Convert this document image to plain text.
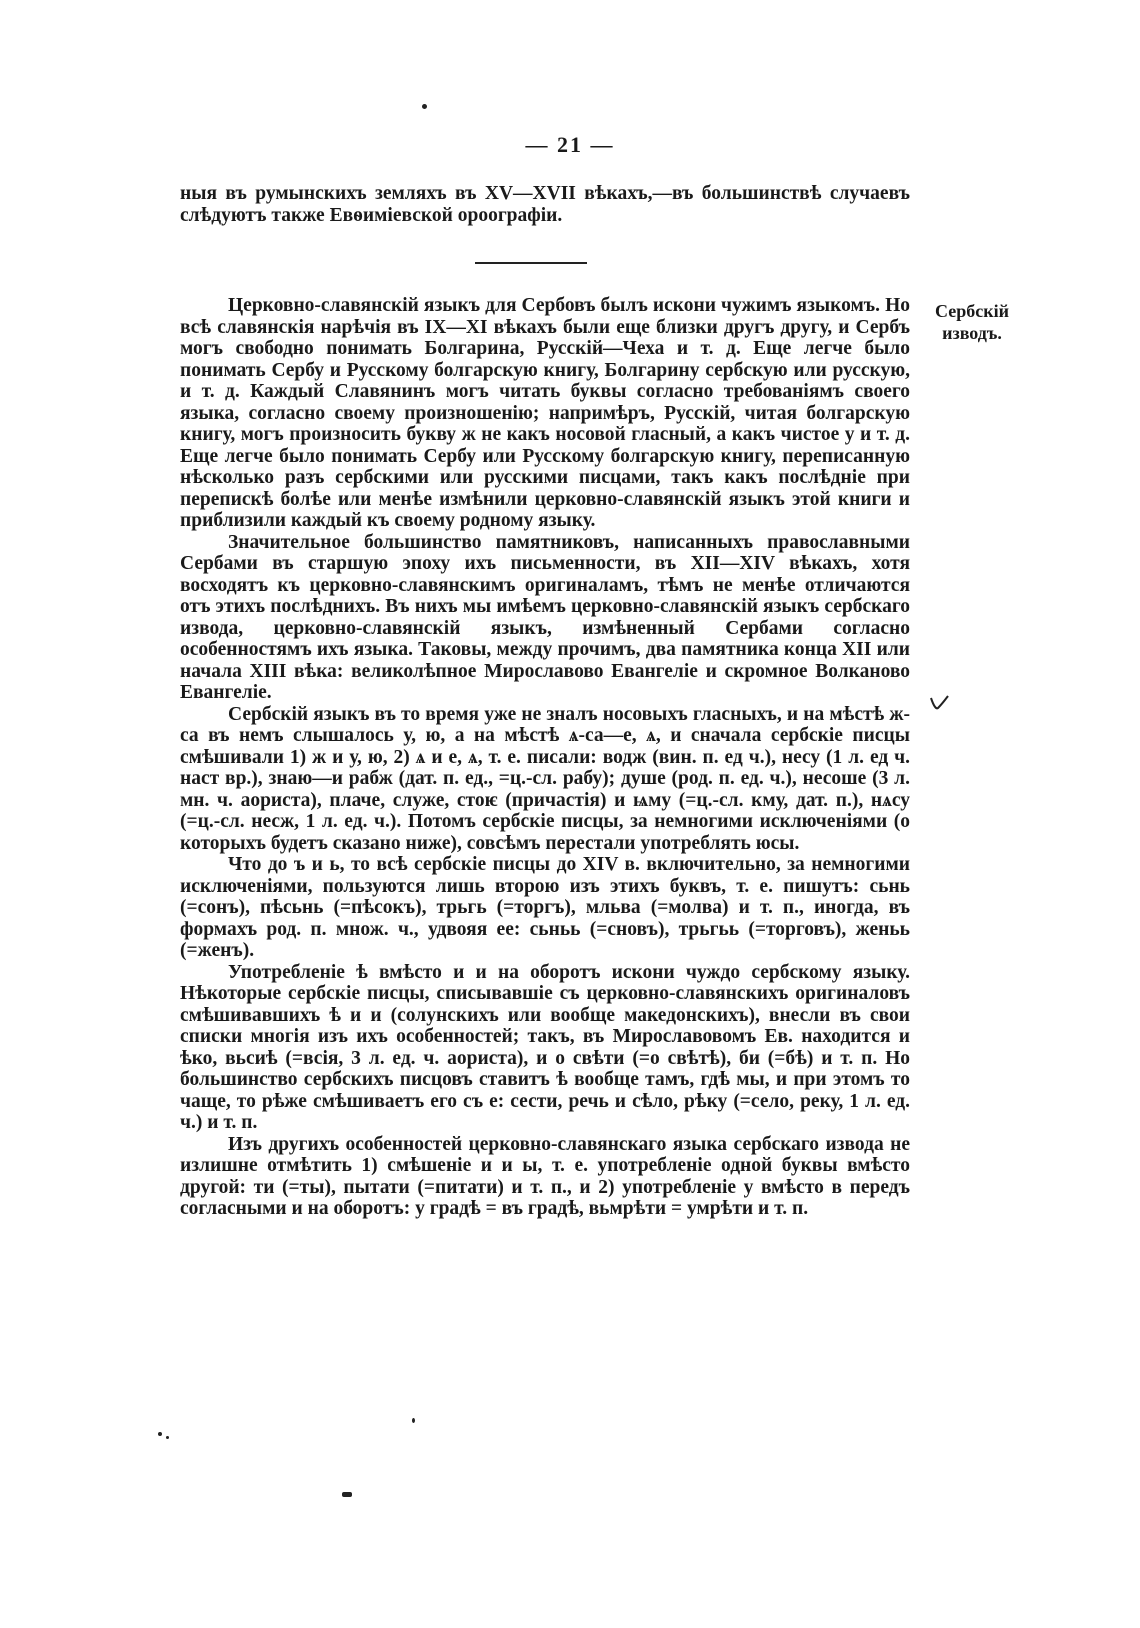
— 21 —

ныя въ румынскихъ земляхъ въ XV—XVII вѣкахъ,—въ большинствѣ случаевъ слѣдуютъ также Евѳиміевской ороографіи.

Сербскій изводъ.

Церковно-славянскій языкъ для Сербовъ былъ искони чужимъ языкомъ. Но всѣ славянскія нарѣчія въ IX—XI вѣкахъ были еще близки другъ другу, и Сербъ могъ свободно понимать Болгарина, Русскій—Чеха и т. д. Еще легче было понимать Сербу и Русскому болгарскую книгу, Болгарину сербскую или русскую, и т. д. Каждый Славянинъ могъ читать буквы согласно требованіямъ своего языка, согласно своему произношенію; напримѣръ, Русскій, читая болгарскую книгу, могъ произносить букву ж не какъ носовой гласный, а какъ чистое у и т. д. Еще легче было понимать Сербу или Русскому болгарскую книгу, переписанную нѣсколько разъ сербскими или русскими писцами, такъ какъ послѣдніе при перепискѣ болѣе или менѣе измѣнили церковно-славянскій языкъ этой книги и приблизили каждый къ своему родному языку.

Значительное большинство памятниковъ, написанныхъ православными Сербами въ старшую эпоху ихъ письменности, въ XII—XIV вѣкахъ, хотя восходятъ къ церковно-славянскимъ оригиналамъ, тѣмъ не менѣе отличаются отъ этихъ послѣднихъ. Въ нихъ мы имѣемъ церковно-славянскій языкъ сербскаго извода, церковно-славянскій языкъ, измѣненный Сербами согласно особенностямъ ихъ языка. Таковы, между прочимъ, два памятника конца XII или начала XIII вѣка: великолѣпное Мирославово Евангеліе и скромное Волканово Евангеліе.

Сербскій языкъ въ то время уже не зналъ носовыхъ гласныхъ, и на мѣстѣ ж-са въ немъ слышалось у, ю, а на мѣстѣ ѧ-са—е, ѧ, и сначала сербскіе писцы смѣшивали 1) ж и у, ю, 2) ѧ и е, ѧ, т. е. писали: водж (вин. п. ед ч.), несу (1 л. ед ч. наст вр.), знаю—и рабж (дат. п. ед., =ц.-сл. рабу); душе (род. п. ед. ч.), несоше (3 л. мн. ч. аориста), плаче, служе, стоѥ (причастія) и ѩму (=ц.-сл. кму, дат. п.), нѧсу (=ц.-сл. несж, 1 л. ед. ч.). Потомъ сербскіе писцы, за немногими исключеніями (о которыхъ будетъ сказано ниже), совсѣмъ перестали употреблять юсы.

Что до ъ и ь, то всѣ сербскіе писцы до XIV в. включительно, за немногими исключеніями, пользуются лишь второю изъ этихъ буквъ, т. е. пишутъ: сьнь (=сонъ), пѣсьнь (=пѣсокъ), трьгь (=торгъ), мльва (=молва) и т. п., иногда, въ формахъ род. п. множ. ч., удвояя ее: сьньь (=сновъ), трьгьь (=торговъ), женьь (=женъ).

Употребленіе ѣ вмѣсто и и на оборотъ искони чуждо сербскому языку. Нѣкоторые сербскіе писцы, списывавшіе съ церковно-славянскихъ оригиналовъ смѣшивавшихъ ѣ и и (солунскихъ или вообще македонскихъ), внесли въ свои списки многія изъ ихъ особенностей; такъ, въ Мирославовомъ Ев. находится и ѣко, вьсиѣ (=всія, 3 л. ед. ч. аориста), и о свѣти (=о свѣтѣ), би (=бѣ) и т. п. Но большинство сербскихъ писцовъ ставитъ ѣ вообще тамъ, гдѣ мы, и при этомъ то чаще, то рѣже смѣшиваетъ его съ е: сести, речь и сѣло, рѣку (=село, реку, 1 л. ед. ч.) и т. п.

Изъ другихъ особенностей церковно-славянскаго языка сербскаго извода не излишне отмѣтить 1) смѣшеніе и и ы, т. е. употребленіе одной буквы вмѣсто другой: ти (=ты), пытати (=питати) и т. п., и 2) употребленіе у вмѣсто в передъ согласными и на оборотъ: у градѣ = въ градѣ, вьмрѣти = умрѣти и т. п.
